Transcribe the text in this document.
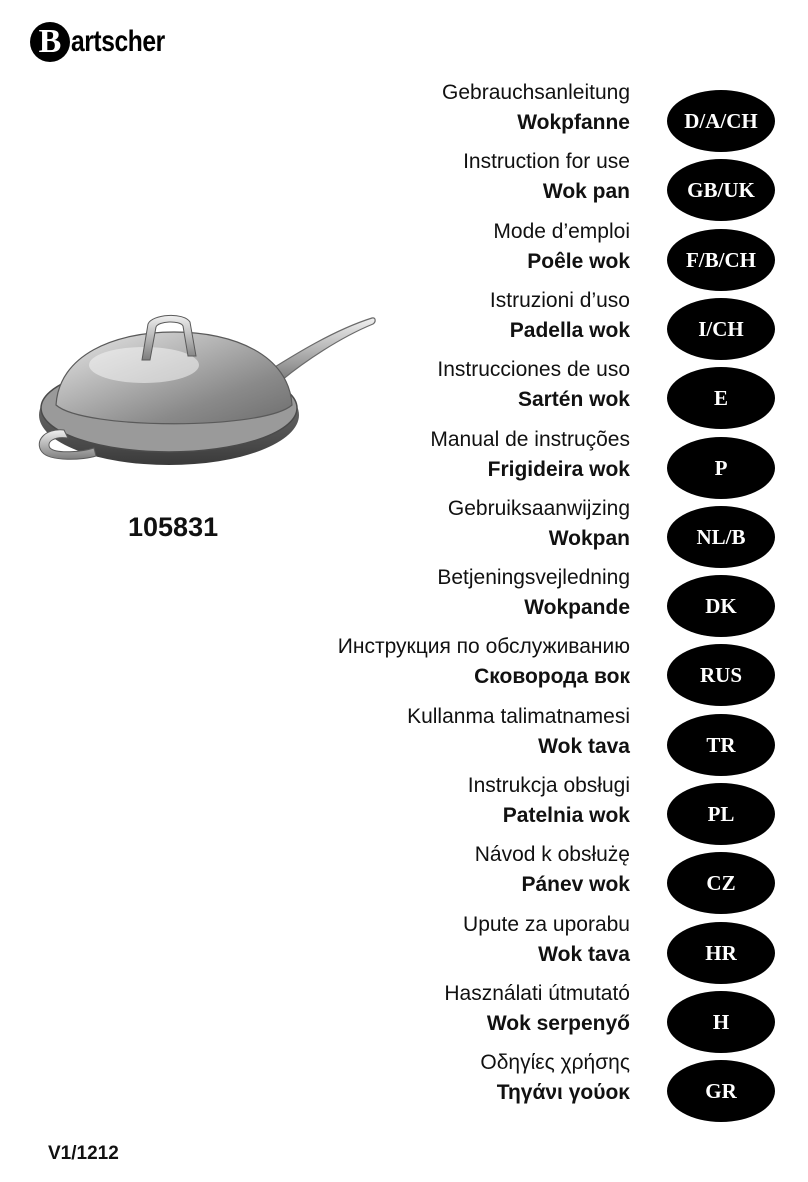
B artscher
105831
Gebrauchsanleitung
Wokpfanne	D/A/CH
Instruction for use
Wok pan	GB/UK
Mode d’emploi
Poêle wok	F/B/CH
Istruzioni d’uso
Padella wok	I/CH
Instrucciones de uso
Sartén wok	E
Manual de instruções
Frigideira wok	P
Gebruiksaanwijzing
Wokpan	NL/B
Betjeningsvejledning
Wokpande	DK
Инструкция по обслуживанию
Сковорода вок	RUS
Kullanma talimatnamesi
Wok tava	TR
Instrukcja obsługi
Patelnia wok	PL
Návod k obsłużę
Pánev wok	CZ
Upute za uporabu
Wok tava	HR
Használati útmutató
Wok serpenyő	H
Οδηγίες χρήσης
Τηγάνι γούοκ	GR
V1/1212
